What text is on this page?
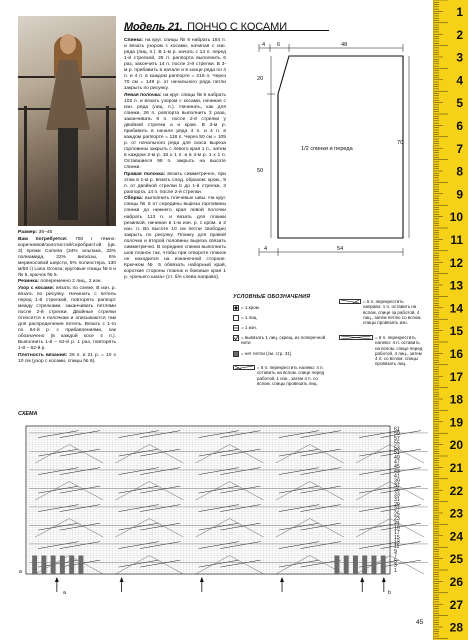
Размер: 36–46

Вам потребуется: 750 г тёмно-коричневой/золотистой/серебристой (цв. 3) пряжи Cometa (34% альпака, 33% полиамида, 22% вискозы, 6% мериносовой шерсти, 5% полиэстера, 130 м/50 г) Lana Grossa; круговые спицы № 6 и № 5, крючок № 5.

Резинка: попеременно 2 лиц., 2 изн.

Узор с косами: вязать по схеме, В изн. р. вязать по рисунку. Начинать с петель перед 1-й стрелкой, повторять раппорт между стрелками, заканчивать петлями после 2-й стрелки. Двойные стрелки относятся к полочкам и описываются там для распределения петель. Вязать с 1-го по 64-й р. с прибавлениями, как обозначено (в каждой косе 4 п.). Выполнить 1-й – 62-й р. 1 раз, повторять 1-й – 62-й р.

Плотность вязания: 26 п. и 21 р. = 10 x 10 см (узор с косами, спицы № 6).

Модель 21. ПОНЧО С КОСАМИ

Спинка: на круг. спицы № 6 набрать 184 п. и вязать узором с косами, начиная с изн. ряда (лиц. п.). В 1-м р. начать с 14 п. перед 1-й стрелкой, 26 п. раппорта выполнить 6 раз, закончить 14 п. после 2-й стрелки. В 3-м р. прибавить в начале и в конце ряда по 4 п. и 4 п. в каждом раппорте = 216 п. Через 70 см = 149 р. от начального ряда петли закрыть по рисунку.

Левая полочка: на круг. спицы № 6 набрать 102 п. и вязать узором с косами, начиная с изн. ряда (лиц. п.). Начинать, как для спинки, 26 п. раппорта выполнить 3 раза, заканчивать 9 п. после 2-й стрелки у двойной стрелки a и кром. В 3-м р. прибавить в начале ряда 4 п. и 4 п. в каждом раппорте = 118 п. Через 50 см = 105 р. от начального ряда для скоса выреза горловины закрыть с левого края 1 п., затем в каждом 2-м р. 18 x 1 п. и в 4-м р. 1 x 1 п. Оставшиеся 98 п. закрыть на высоте спинки.

Правая полочка: вязать симметрично, при этом в 1-м р. вязать след. образом: кром., 9 п. от двойной стрелки b до 1-й стрелки, 3 раппорта, 14 п. после 2-й стрелки.

Сборка: выполнить плечевые швы. На круг. спицы № 5 от середины выреза горловины спинки до нижнего края левой полочки набрать 113 п. и вязать для планки резинкой, начиная в 1-м изн. р. с кром. и 2 изн. п. Во высоте 10 см петли свободно закрыть по рисунку. Планку для правой полочки и второй половины выреза связать симметрично. В середине спинки выполнить шов планок так, чтобы при отвороте планок он находился на изнаночной стороне. Крючком № 5 обвязать наборный край, короткие стороны планок и боковые края 1 р. «рачьего шага» (ст. б/н слева направо).

4 6	48
20
50
70
4	54
1/2 спинки и переда
УСЛОВНЫЕ ОБОЗНАЧЕНИЯ
= 1 кром.
= 1 лиц.
= 1 изн.
= вывязать 1 лиц. скрещ. из поперечной нити
= нет петли (см. стр. 31)
= 5 п. перекрестить налево: 4 п. оставить на вспом. спице перед работой, 1 изн., затем 4 п. со вспом. спицы провязать лиц.
= 5 п. перекрестить направо: 1 п. оставить на вспом. спице за работой, 4 лиц., затем петлю со вспом. спицы провязать изн.
= 8 п. перекрестить налево: 4 п. оставить на вспом. спице перед работой, 4 лиц., затем 4 п. со вспом. спицы провязать лиц.
СХЕМА
61
59
57
55
53
51
49
47
45
43
41
39
37
35
33
31
29
27
25
23
21
19
17
15
13
11
9
7
5
3
1
a	b
a
1
2
3
4
5
6
7
8
9
10
11
12
13
14
15
16
17
18
19
20
21
22
23
24
25
26
27
28
45
